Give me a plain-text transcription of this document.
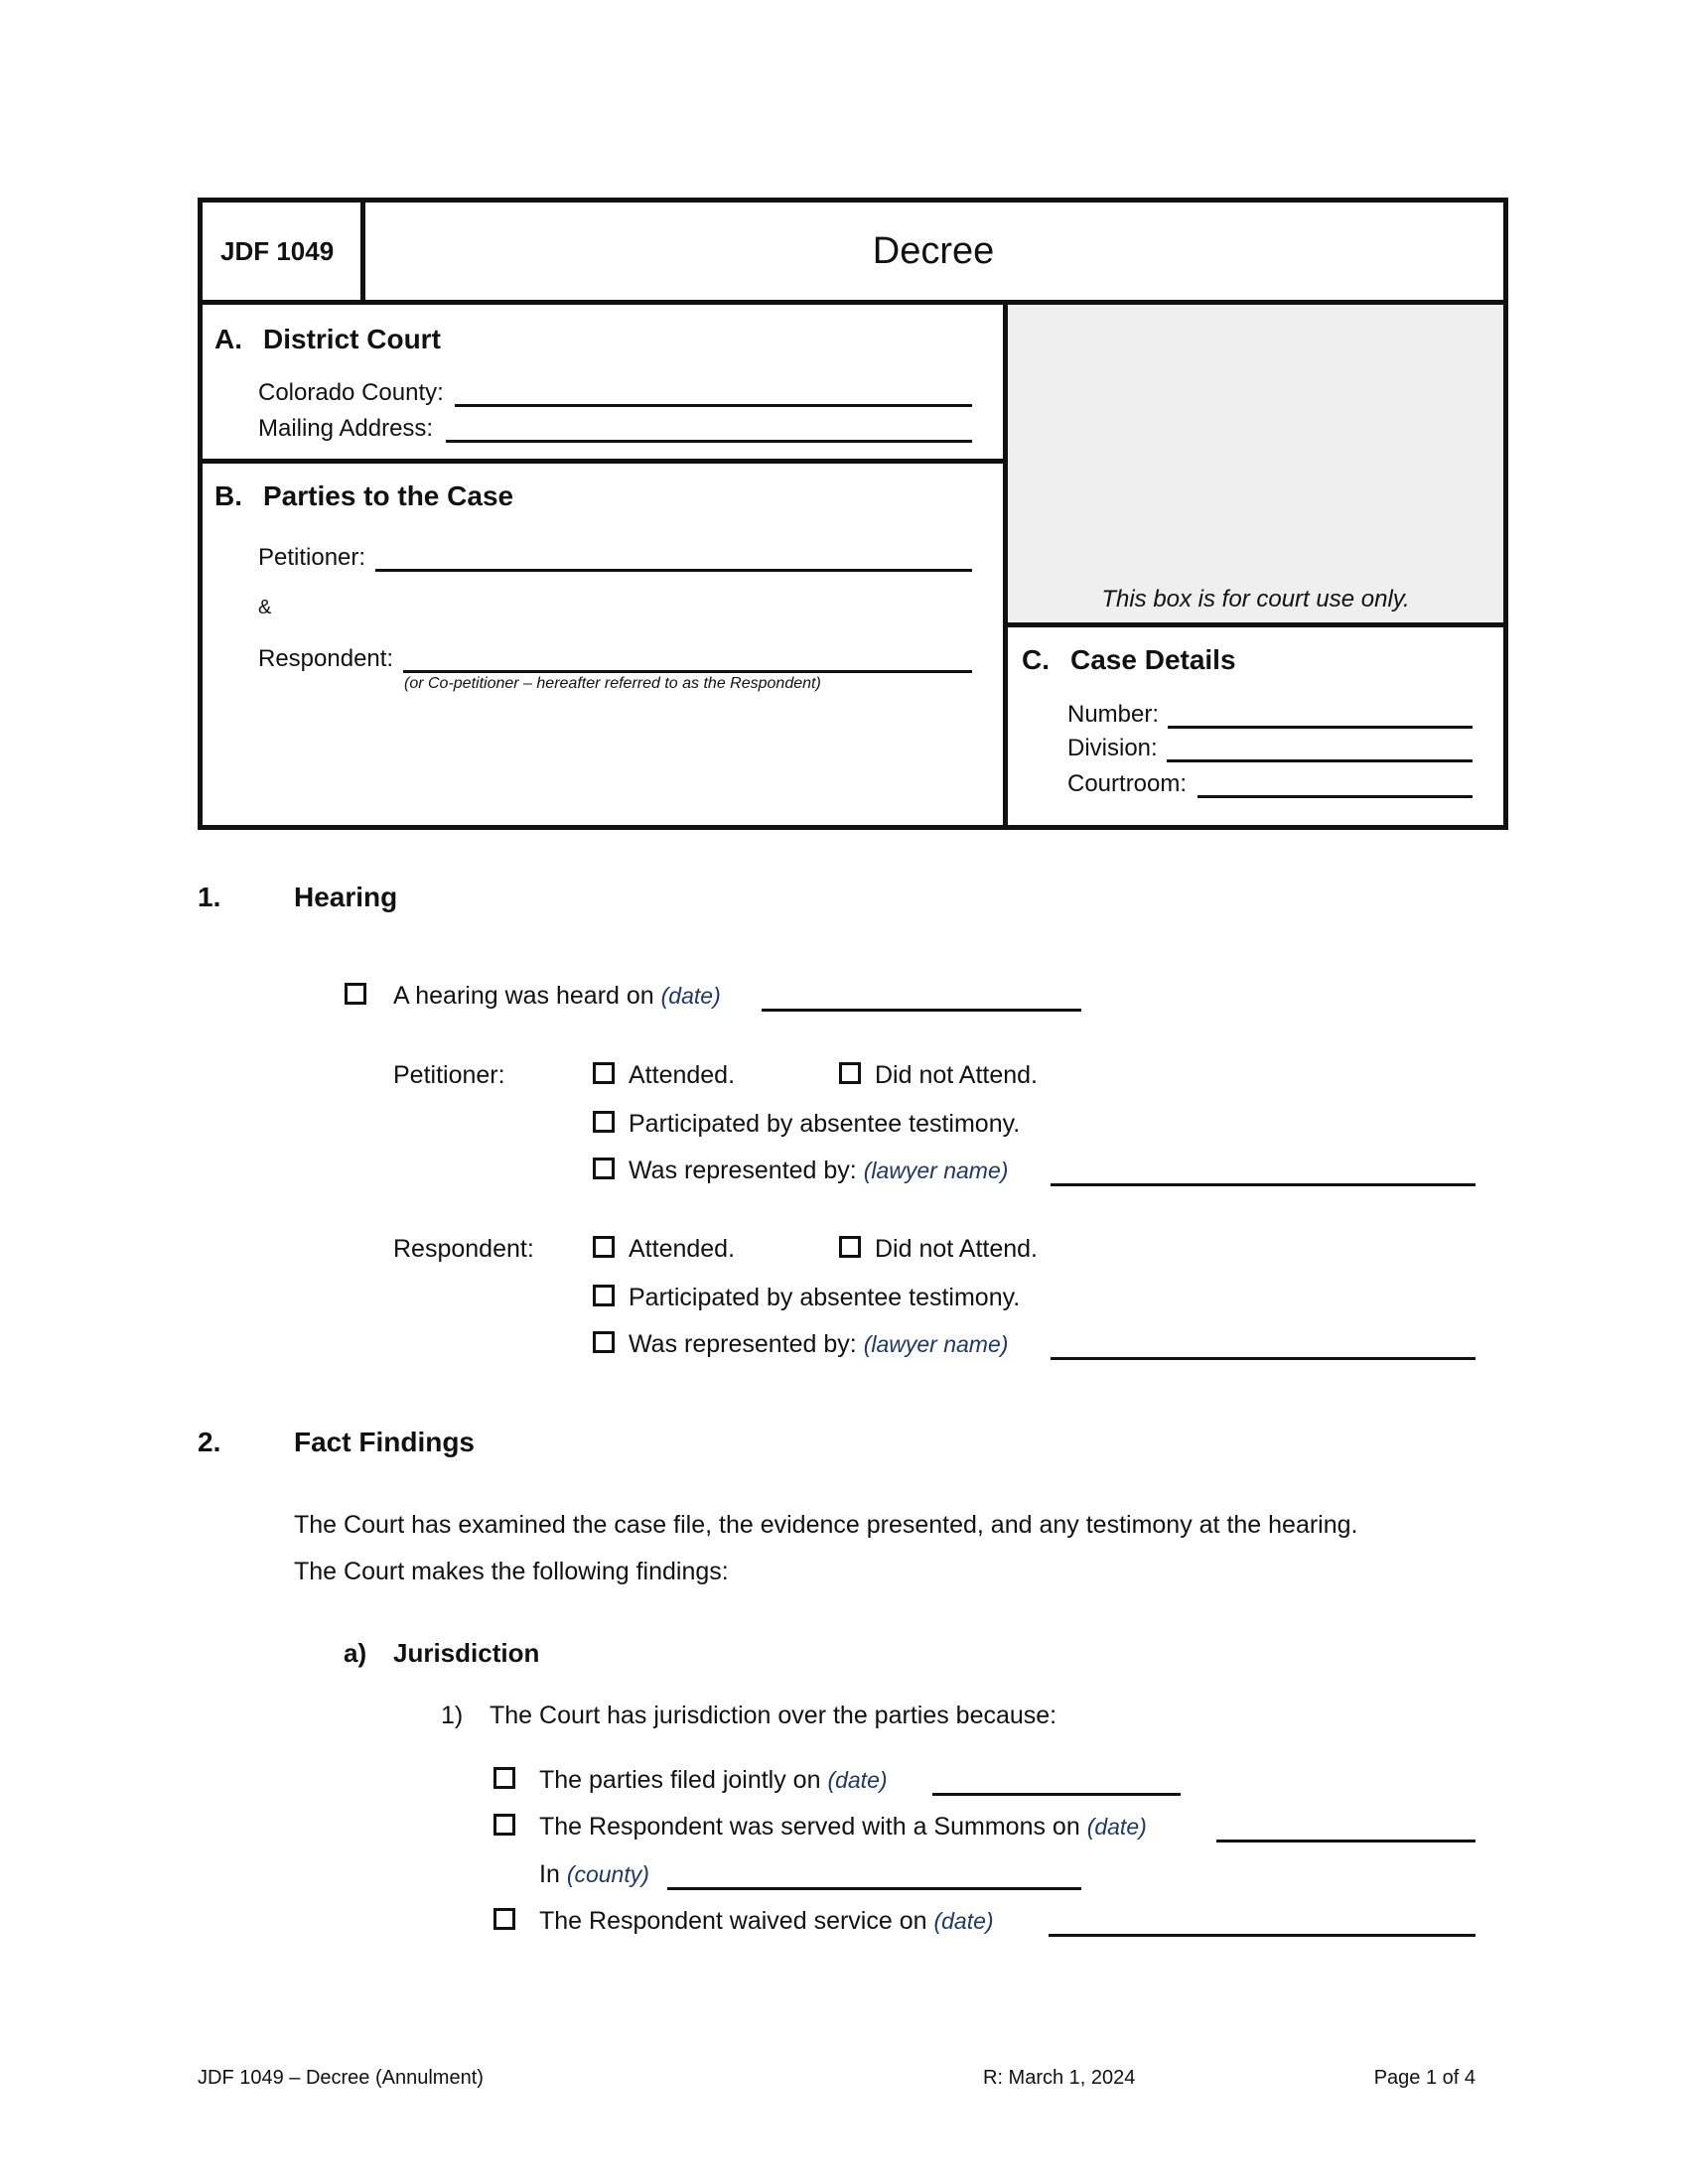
JDF 1049	Decree
A. District Court
Colorado County:
Mailing Address:
B. Parties to the Case
Petitioner:
&
Respondent:
(or Co-petitioner – hereafter referred to as the Respondent)
This box is for court use only.
C. Case Details
Number:
Division:
Courtroom:
1.	Hearing
A hearing was heard on (date)
Petitioner:	Attended.	Did not Attend.
Participated by absentee testimony.
Was represented by: (lawyer name)
Respondent:	Attended.	Did not Attend.
Participated by absentee testimony.
Was represented by: (lawyer name)
2.	Fact Findings
The Court has examined the case file, the evidence presented, and any testimony at the hearing.
The Court makes the following findings:
a) Jurisdiction
1) The Court has jurisdiction over the parties because:
The parties filed jointly on (date)
The Respondent was served with a Summons on (date)
In (county)
The Respondent waived service on (date)
JDF 1049 – Decree (Annulment)	R: March 1, 2024	Page 1 of 4
